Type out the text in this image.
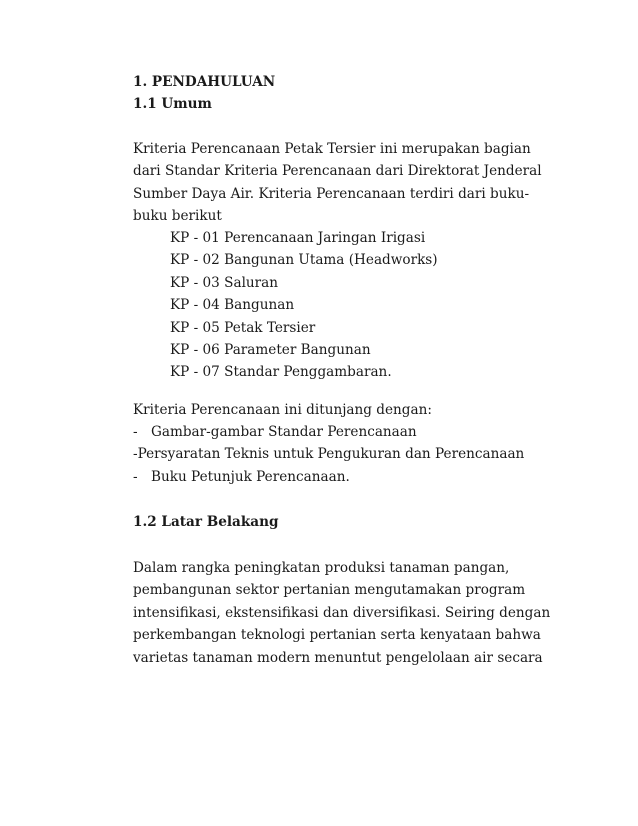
1. PENDAHULUAN
1.1 Umum
Kriteria Perencanaan Petak Tersier ini merupakan bagian
dari Standar Kriteria Perencanaan dari Direktorat Jenderal
Sumber Daya Air. Kriteria Perencanaan terdiri dari buku-
buku berikut
KP - 01 Perencanaan Jaringan Irigasi
KP - 02 Bangunan Utama (Headworks)
KP - 03 Saluran
KP - 04 Bangunan
KP - 05 Petak Tersier
KP - 06 Parameter Bangunan
KP - 07 Standar Penggambaran.
Kriteria Perencanaan ini ditunjang dengan:
- Gambar-gambar Standar Perencanaan
- Persyaratan Teknis untuk Pengukuran dan Perencanaan
- Buku Petunjuk Perencanaan.
1.2 Latar Belakang
Dalam rangka peningkatan produksi tanaman pangan,
pembangunan sektor pertanian mengutamakan program
intensifikasi, ekstensifikasi dan diversifikasi. Seiring dengan
perkembangan teknologi pertanian serta kenyataan bahwa
varietas tanaman modern menuntut pengelolaan air secara
